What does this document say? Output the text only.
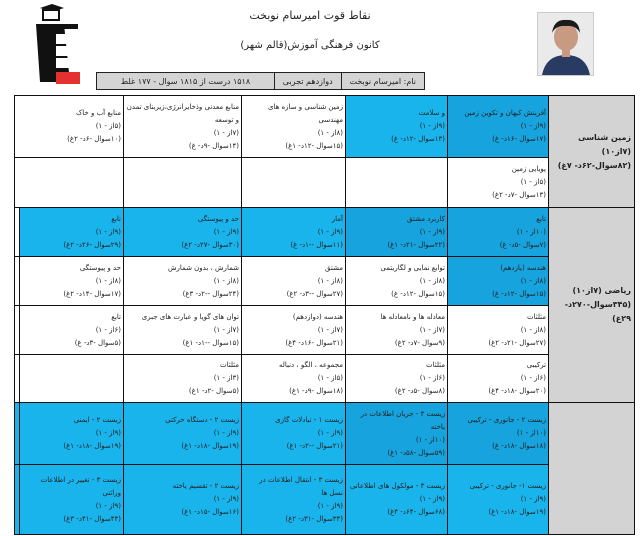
نقاط قوت امیرسام نوبخت
کانون فرهنگی آموزش(قالم شهر)
نام: امیرسام نوبخت
دوازدهم تجربی
۱۵۱۸ درست از ۱۸۱۵ سوال - ۱۷۷ غلط
زمین شناسی (۷از۱۰)
(۸۲سوال-۶۲د- ۷غ)	آفرینش کیهان و تکوین زمین
(۹از - ۱)
(۱۷سوال -۱۶د- غ)	و سلامت
(۹از - ۱)
(۱۳سوال -۱۲د- غ)	زمین شناسی و سازه های مهندسی
(۸از - ۱)
(۱۵سوال -۱۲د- ۱غ)	منابع معدنی وذخایرانرژی،زیربنای تمدن و توسعه
(۷از - ۱)
(۱۴سوال -۹د- غ)	منابع آب و خاک
(۵از - ۱)
(۱۰سوال -۶د- ۲غ)	

	پویایی زمین
(۵از - ۱)
(۱۳سوال -۷د- ۲غ)					

ریاضی (۷از۱۰)
(۳۴۵سوال-۲۷۰د- ۲۹غ)	تابع
(۱۰از - ۱)
(۷سوال -۵د- غ)	کاربرد مشتق
(۹از - ۱)
(۲۲سوال -۲۱د- ۱غ)	آمار
(۹از - ۱)
(۱۱سوال --۱د- غ)	حد و پیوستگی
(۹از - ۱)
(۳۰سوال -۲۷د- ۲غ)	تابع
(۹از - ۱)
(۲۹سوال -۲۶د- ۲غ)	

	هندسه (یازدهم)
(۸از - ۱)
(۱۵سوال -۱۲د- غ)	توابع نمایی و لگاریتمی
(۸از - ۱)
(۱۵سوال -۱۲د- غ)	مشتق
(۸از - ۱)
(۲۷سوال --۳د- ۲غ)	شمارش ، بدون شمارش
(۸از - ۱)
(۲۴سوال --۲د- ۳غ)	حد و پیوستگی
(۸از - ۱)
(۱۷سوال -۱۴د- ۲غ)	

	مثلثات
(۸از - ۱)
(۲۷سوال -۲۱د- ۲غ)	معادله ها و نامعادله ها
(۷از - ۱)
(۹سوال -۷د- ۲غ)	هندسه (دوازدهم)
(۷از - ۱)
(۲۱سوال -۱۶د- ۴غ)	توان های گویا و عبارت های جبری
(۷از - ۱)
(۱۵سوال --۱د- ۱غ)	تابع
(۶از - ۱)
(۵سوال -۳د- غ)	

	ترکیبی
(۶از - ۱)
(۲۰سوال -۱۸د- ۴غ)	مثلثات
(۶از - ۱)
(۸سوال -۵د- ۲غ)	مجموعه ، الگو ، دنباله
(۵از - ۱)
(۱۸سوال -۹د- ۱غ)	مثلثات
(۳از - ۱)
(۵سوال -۲د- ۱غ)		

	زیست ۲ - جانوری - ترکیبی
(۱۰از - ۱)
(۱۸سوال -۱۸د- غ)	زیست ۳ - جریان اطلاعات در یاخته
(۱۰از - ۱)
(۵۹سوال -۵۸د- ۱غ)	زیست ۱ - تبادلات گازی
(۹از - ۱)
(۲۱سوال --۲د- ۱غ)	زیست ۲ - دستگاه حرکتی
(۹از - ۱)
(۱۹سوال -۱۸د- ۱غ)	زیست ۲ - ایمنی
(۹از - ۱)
(۱۹سوال -۱۸د- ۱غ)	

	زیست ۱- جانوری - ترکیبی
(۹از - ۱)
(۱۹سوال -۱۸د- ۱غ)	زیست ۳ - مولکول های اطلاعاتی
(۹از - ۱)
(۶۸سوال -۶۴د- ۴غ)	زیست ۳ - انتقال اطلاعات در نسل ها
(۹از - ۱)
(۳۳سوال -۳۱د- ۲غ)	زیست ۲ - تقسیم یاخته
(۹از - ۱)
(۱۶سوال -۱۵د- ۱غ)	زیست ۳ - تغییر در اطلاعات وراثتی
(۹از - ۱)
(۴۴سوال -۴۱د- ۳غ)	
